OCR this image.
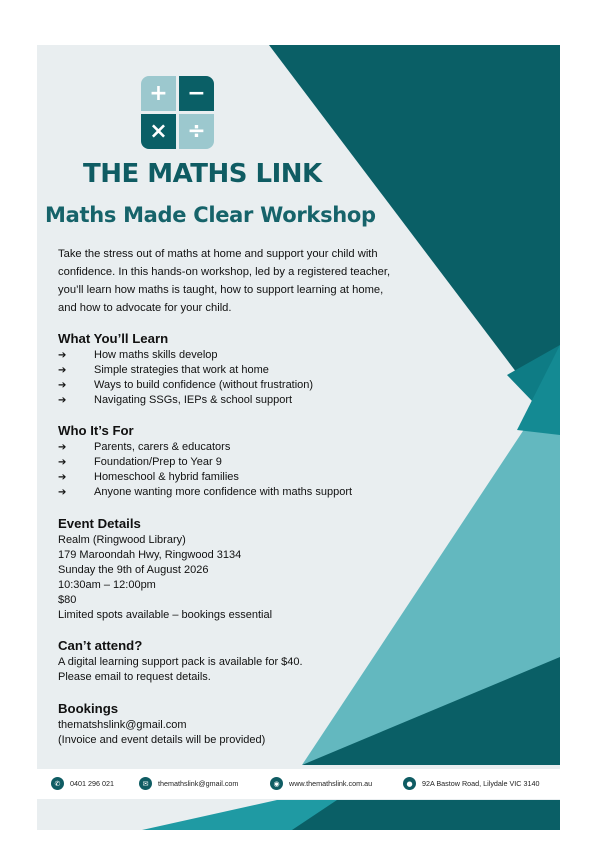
+ −
× ÷
THE MATHS LINK
Maths Made Clear Workshop
Take the stress out of maths at home and support your child with confidence. In this hands-on workshop, led by a registered teacher, you’ll learn how maths is taught, how to support learning at home, and how to advocate for your child.
What You’ll Learn
➔	How maths skills develop
➔	Simple strategies that work at home
➔	Ways to build confidence (without frustration)
➔	Navigating SSGs, IEPs & school support
Who It’s For
➔	Parents, carers & educators
➔	Foundation/Prep to Year 9
➔	Homeschool & hybrid families
➔	Anyone wanting more confidence with maths support
Event Details
Realm (Ringwood Library)
179 Maroondah Hwy, Ringwood 3134
Sunday the 9th of August 2026
10:30am – 12:00pm
$80
Limited spots available – bookings essential
Can’t attend?
A digital learning support pack is available for $40.
Please email to request details.
Bookings
thematshslink@gmail.com
(Invoice and event details will be provided)
✆	0401 296 021	✉	themathslink@gmail.com	◉	www.themathslink.com.au	●	92A Bastow Road, Lilydale VIC 3140
